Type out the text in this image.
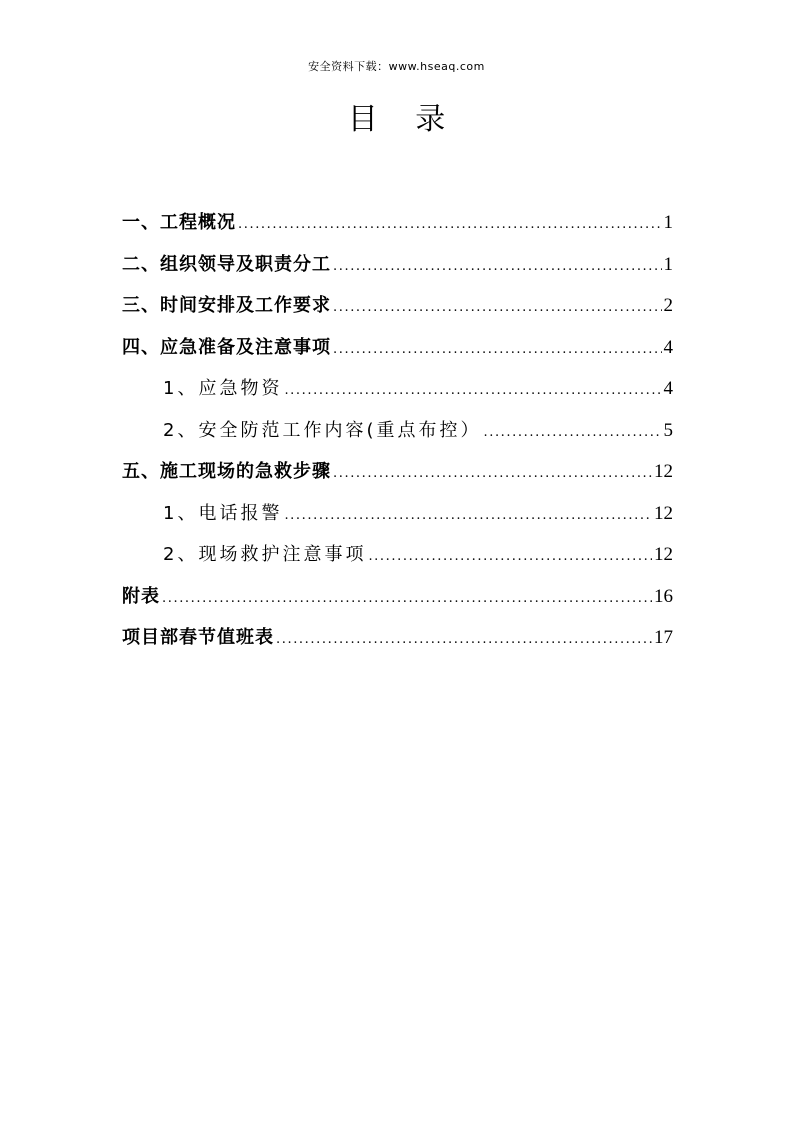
安全资料下载：www.hseaq.com
目 录
一、工程概况 .....	1
二、组织领导及职责分工 .....	1
三、时间安排及工作要求 .....	2
四、应急准备及注意事项 .....	4
1、应急物资 .....	4
2、安全防范工作内容(重点布控） .....	5
五、施工现场的急救步骤 .....	12
1、电话报警 .....	12
2、现场救护注意事项 .....	12
附表 .....	16
项目部春节值班表 .....	17
